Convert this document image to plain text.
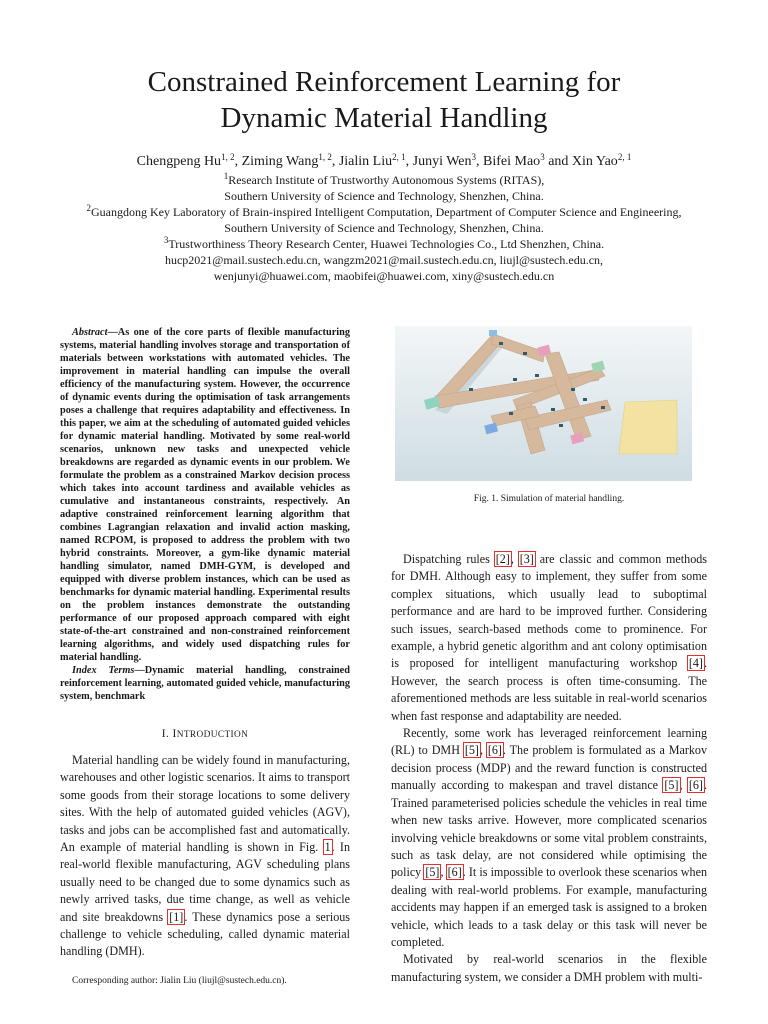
Constrained Reinforcement Learning for
Dynamic Material Handling
Chengpeng Hu$^{1, 2}$, Ziming Wang$^{1, 2}$, Jialin Liu$^{2, 1}$, Junyi Wen$^3$, Bifei Mao$^3$ and Xin Yao$^{2, 1}$
$^1$Research Institute of Trustworthy Autonomous Systems (RITAS),
Southern University of Science and Technology, Shenzhen, China.
$^2$Guangdong Key Laboratory of Brain-inspired Intelligent Computation, Department of Computer Science and Engineering,
Southern University of Science and Technology, Shenzhen, China.
$^3$Trustworthiness Theory Research Center, Huawei Technologies Co., Ltd Shenzhen, China.
hucp2021@mail.sustech.edu.cn, wangzm2021@mail.sustech.edu.cn, liujl@sustech.edu.cn,
wenjunyi@huawei.com, maobifei@huawei.com, xiny@sustech.edu.cn

Abstract—As one of the core parts of flexible manufacturing systems, material handling involves storage and transportation of materials between workstations with automated vehicles. The improvement in material handling can impulse the overall efficiency of the manufacturing system. However, the occurrence of dynamic events during the optimisation of task arrangements poses a challenge that requires adaptability and effectiveness. In this paper, we aim at the scheduling of automated guided vehicles for dynamic material handling. Motivated by some real-world scenarios, unknown new tasks and unexpected vehicle breakdowns are regarded as dynamic events in our problem. We formulate the problem as a constrained Markov decision process which takes into account tardiness and available vehicles as cumulative and instantaneous constraints, respectively. An adaptive constrained reinforcement learning algorithm that combines Lagrangian relaxation and invalid action masking, named RCPOM, is proposed to address the problem with two hybrid constraints. Moreover, a gym-like dynamic material handling simulator, named DMH-GYM, is developed and equipped with diverse problem instances, which can be used as benchmarks for dynamic material handling. Experimental results on the problem instances demonstrate the outstanding performance of our proposed approach compared with eight state-of-the-art constrained and non-constrained reinforcement learning algorithms, and widely used dispatching rules for material handling.

Index Terms—Dynamic material handling, constrained reinforcement learning, automated guided vehicle, manufacturing system, benchmark

I. INTRODUCTION

Material handling can be widely found in manufacturing, warehouses and other logistic scenarios. It aims to transport some goods from their storage locations to some delivery sites. With the help of automated guided vehicles (AGV), tasks and jobs can be accomplished fast and automatically. An example of material handling is shown in Fig. 1. In real-world flexible manufacturing, AGV scheduling plans usually need to be changed due to some dynamics such as newly arrived tasks, due time change, as well as vehicle and site breakdowns [1]. These dynamics pose a serious challenge to vehicle scheduling, called dynamic material handling (DMH).

Corresponding author: Jialin Liu (liujl@sustech.edu.cn).

Fig. 1. Simulation of material handling.

Dispatching rules [2], [3] are classic and common methods for DMH. Although easy to implement, they suffer from some complex situations, which usually lead to suboptimal performance and are hard to be improved further. Considering such issues, search-based methods come to prominence. For example, a hybrid genetic algorithm and ant colony optimisation is proposed for intelligent manufacturing workshop [4]. However, the search process is often time-consuming. The aforementioned methods are less suitable in real-world scenarios when fast response and adaptability are needed.

Recently, some work has leveraged reinforcement learning (RL) to DMH [5], [6]. The problem is formulated as a Markov decision process (MDP) and the reward function is constructed manually according to makespan and travel distance [5], [6]. Trained parameterised policies schedule the vehicles in real time when new tasks arrive. However, more complicated scenarios involving vehicle breakdowns or some vital problem constraints, such as task delay, are not considered while optimising the policy [5], [6]. It is impossible to overlook these scenarios when dealing with real-world problems. For example, manufacturing accidents may happen if an emerged task is assigned to a broken vehicle, which leads to a task delay or this task will never be completed.

Motivated by real-world scenarios in the flexible manufacturing system, we consider a DMH problem with multi-
